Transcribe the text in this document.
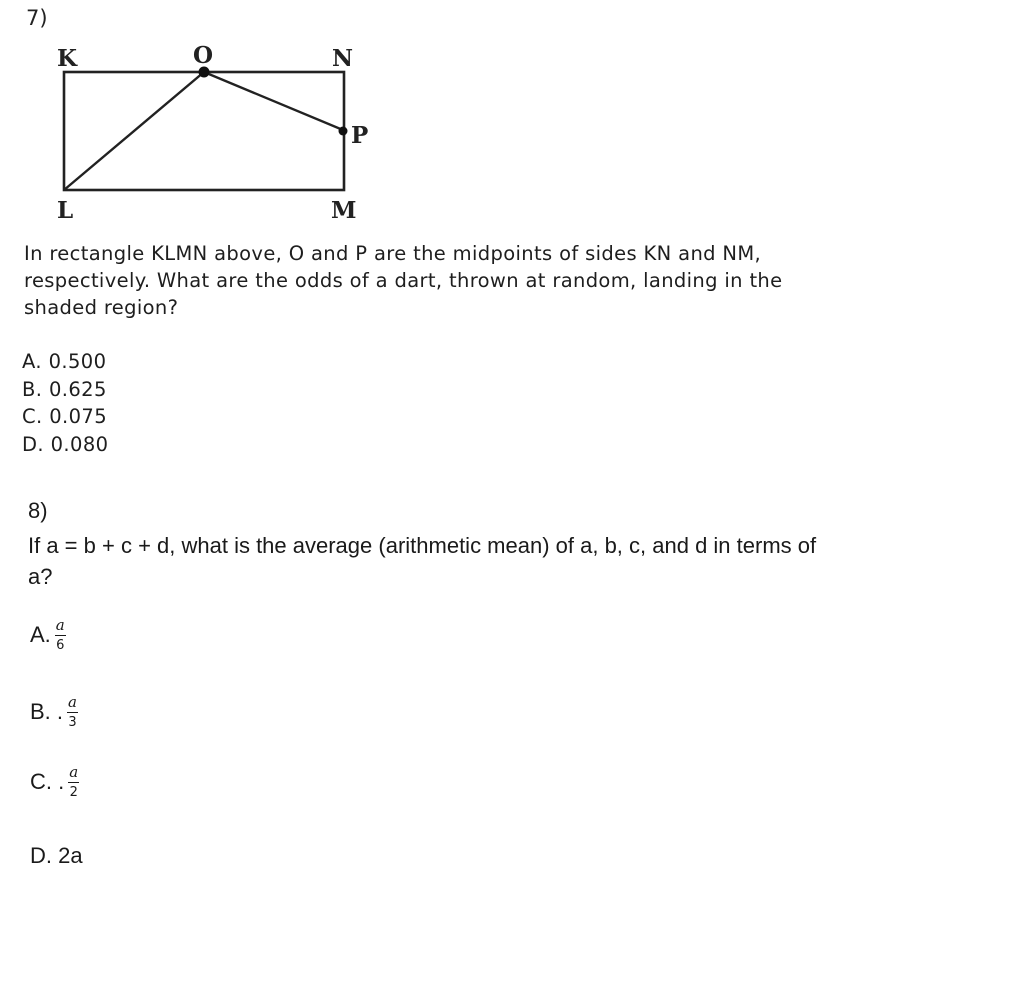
7)
K	O	N
P
L	M
In rectangle KLMN above, O and P are the midpoints of sides KN and NM, respectively. What are the odds of a dart, thrown at random, landing in the shaded region?
A. 0.500
B. 0.625
C. 0.075
D. 0.080
8)
If a = b + c + d, what is the average (arithmetic mean) of a, b, c, and d in terms of a?
A. $\frac{a}{6}$
B. . $\frac{a}{3}$
C. . $\frac{a}{2}$
D. 2a
